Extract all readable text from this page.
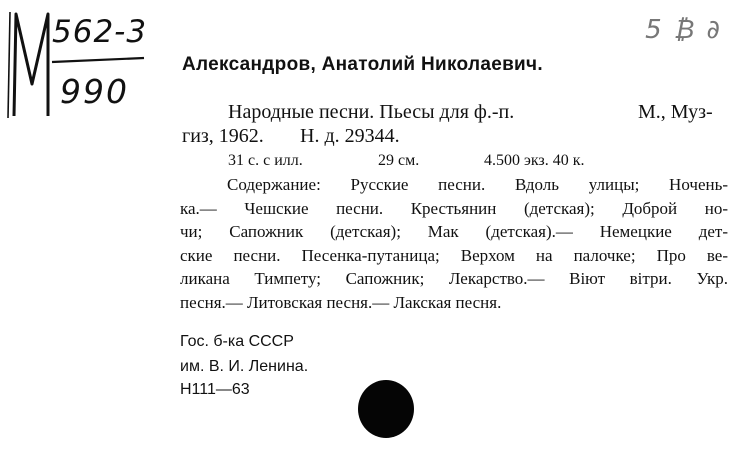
562-3
990
5 ₿ ∂
Александров, Анатолий Николаевич.
Народные песни. Пьесы для ф.-п.	М., Муз-
гиз, 1962. Н. д. 29344.
31 с. с илл.	29 см.	4.500 экз. 40 к.
Содержание: Русские песни. Вдоль улицы; Ночень-
ка.— Чешские песни. Крестьянин (детская); Доброй но-
чи; Сапожник (детская); Мак (детская).— Немецкие дет-
ские песни. Песенка-путаница; Верхом на палочке; Про ве-
ликана Тимпету; Сапожник; Лекарство.— Віют вітри. Укр.
песня.— Литовская песня.— Лакская песня.
Гос. б-ка СССР
им. В. И. Ленина.
Н111—63
